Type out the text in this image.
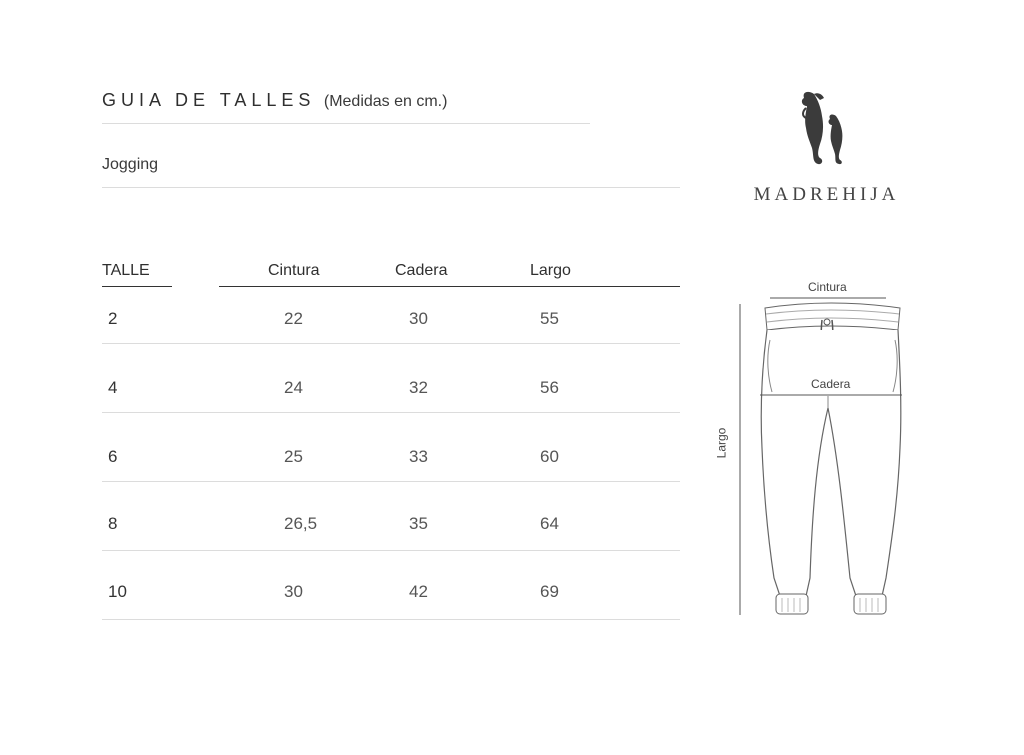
GUIA DE TALLES (Medidas en cm.)
Jogging
TALLE	Cintura	Cadera	Largo
2	22	30	55
4	24	32	56
6	25	33	60
8	26,5	35	64
10	30	42	69
MADREHIJA
Cintura
Cadera
Largo
